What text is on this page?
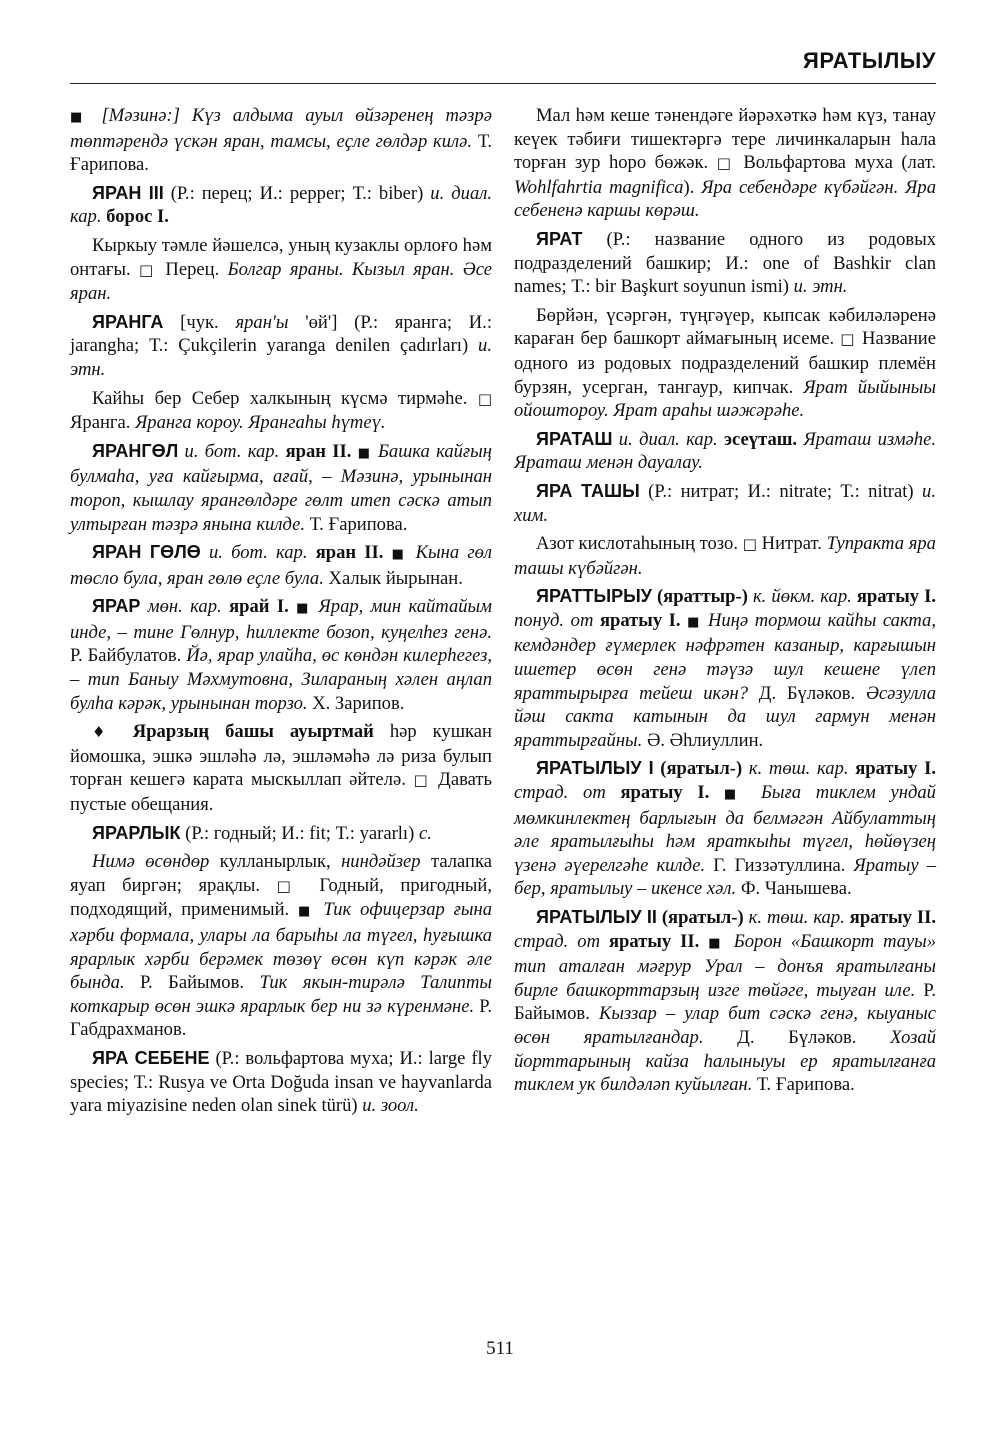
ЯРАТЫЛЫУ

■ [Мәзинә:] Күз алдыма ауыл өйзәренең тәзрә төптәрендә үскән яран, тамсы, еҫле гөлдәр килә. Т. Ғарипова.

ЯРАН III (Р.: перец; И.: pepper; Т.: biber) и. диал. кар. борос I.

Кыркыу тәмле йәшелсә, уның кузаклы орлоғо һәм онтағы. □ Перец. Болгар яраны. Кызыл яран. Әсе яран.

ЯРАНГА [чук. яран'ы 'өй'] (Р.: яранга; И.: jarangha; Т.: Çukçilerin yaranga denilen çadırları) и. этн.

Кайһы бер Себер халкының күсмә тирмәһе. □ Яранга. Яранга короу. Ярангаһы һүтеү.

ЯРАНГӨЛ и. бот. кар. яран II. ■ Башка кайғың булмаһа, уға кайғырма, ағай, – Мәзинә, урынынан тороп, кышлау ярангөлдәре гөлт итеп сәскә атып ултырған тәзрә янына килде. Т. Ғарипова.

ЯРАН ГӨЛӨ и. бот. кар. яран II. ■ Кына гөл төсло була, яран гөлө еҫле була. Халык йырынан.

ЯРАР мөн. кар. ярай I. ■ Ярар, мин кайтайым инде, – тине Гөлнур, һиллекте бозоп, куңелһез генә. Р. Байбулатов. Йә, ярар улайһа, өс көндән килерһегез, – тип Баныу Мәхмутовна, Зилараның хәлен аңлап булһа кәрәк, урынынан торзо. Х. Зарипов.

♦ Ярарзың башы ауыртмай һәр кушкан йомошка, эшкә эшләһә лә, эшләмәһә лә риза булып торған кешегә карата мыскыллап әйтелә. □ Давать пустые обещания.

ЯРАРЛЫК (Р.: годный; И.: fit; Т.: yararlı) с.

Нимә өсөндөр кулланырлык, ниндәйзер талапка яуап биргән; ярақлы. □ Годный, пригодный, подходящий, применимый. ■ Тик офицерзар ғына хәрби формала, улары ла барыһы ла түгел, һуғышка ярарлык хәрби берәмек төзөү өсөн күп кәрәк әле бында. Р. Байымов. Тик якын-тирәлә Талипты коткарыр өсөн эшкә ярарлык бер ни зә күренмәне. Р. Габдрахманов.

ЯРА СЕБЕНЕ (Р.: вольфартова муха; И.: large fly species; Т.: Rusya ve Orta Doğuda insan ve hayvanlarda yara miyazisine neden olan sinek türü) и. зоол.

Мал һәм кеше тәнендәге йәрәхәткә һәм күз, танау кеүек тәбиғи тишектәргә тере личинкаларын һала торған зур һоро бөжәк. □ Вольфартова муха (лат. Wohlfahrtia magnifica). Яра себендәре күбәйгән. Яра себененә каршы көрәш.

ЯРАТ (Р.: название одного из родовых подразделений башкир; И.: one of Bashkir clan names; Т.: bir Başkurt soyunun ismi) и. этн.

Бөрйән, үсәргән, түңгәүер, кыпсак кәбиләләренә караған бер башкорт аймағының исеме. □ Название одного из родовых подразделений башкир племён бурзян, усерган, тангаур, кипчак. Ярат йыйыныы ойоштороу. Ярат араһы шәжәрәһе.

ЯРАТАШ и. диал. кар. эсеүташ. Яраташ измәһе. Яраташ менән дауалау.

ЯРА ТАШЫ (Р.: нитрат; И.: nitrate; Т.: nitrat) и. хим.

Азот кислотаһының тозо. □ Нитрат. Тупракта яра ташы күбәйгән.

ЯРАТТЫРЫУ (яраттыр-) к. йөкм. кар. яратыу I. понуд. от яратыу I. ■ Ниңә тормош кайһы сакта, кемдәндер ғүмерлек нәфрәтен казаныр, карғышын ишетер өсөн генә тәүзә шул кешене үлеп яраттырырға тейеш икән? Д. Бүләков. Әсәзулла йәш сакта катынын да шул гармун менән яраттырғайны. Ә. Әһлиуллин.

ЯРАТЫЛЫУ I (яратыл-) к. төш. кар. яратыу I. страд. от яратыу I. ■ Быға тиклем ундай мөмкинлектең барлығын да белмәгән Айбулаттың әле яратылғыһы һәм яраткыһы түгел, һөйөүзең үзенә әүерелгәһе килде. Г. Гиззәтуллина. Яратыу – бер, яратылыу – икенсе хәл. Ф. Чанышева.

ЯРАТЫЛЫУ II (яратыл-) к. төш. кар. яратыу II. страд. от яратыу II. ■ Борон «Башкорт тауы» тип аталған мәғрур Урал – донъя яратылғаны бирле башкорттарзың изге төйәге, тыуған иле. Р. Байымов. Кыззар – улар бит сәскә генә, кыуаныс өсөн яратылғандар. Д. Бүләков. Хозай йорттарының кайза һалыныуы ер яратылғанға тиклем ук билдәләп куйылған. Т. Ғарипова.

511
